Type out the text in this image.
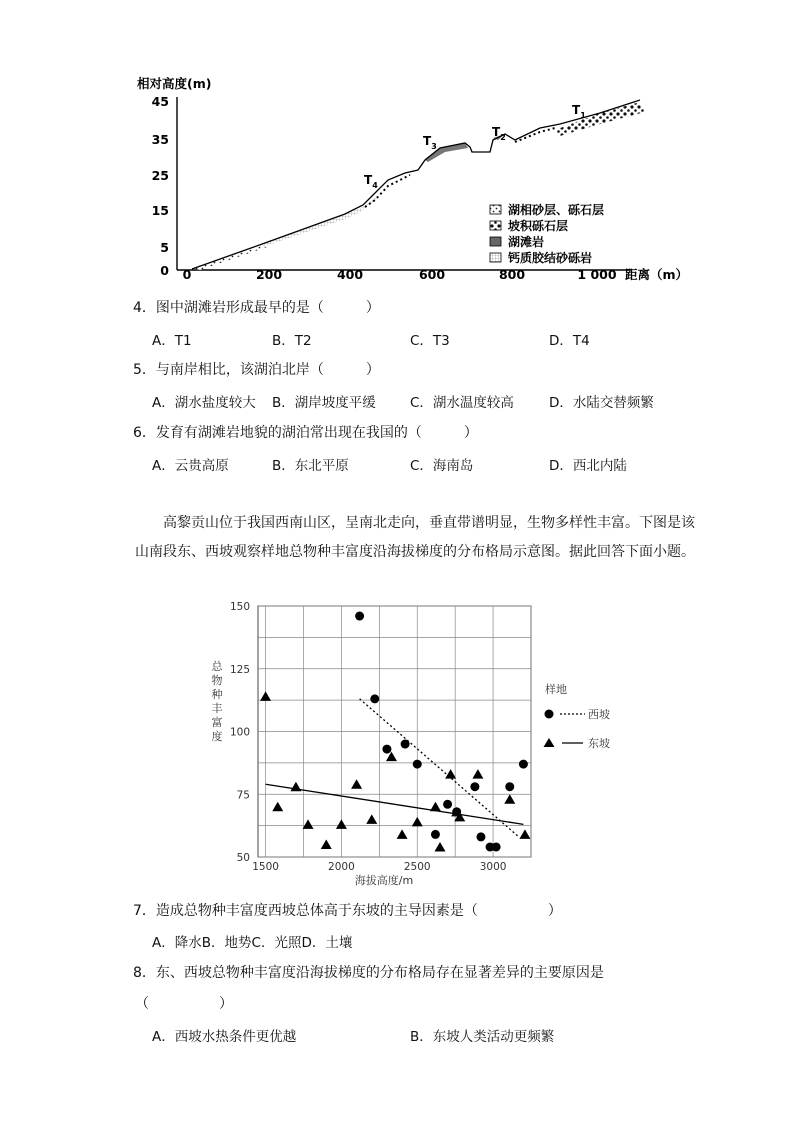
相对高度(m)
45
35
25
15
5
0 0	200	400	600	800	1 000 距离（m）
$T_1$
$T_2$
$T_3$
$T_4$
湖相砂层、砾石层
坡积砾石层
湖滩岩
钙质胶结砂砾岩
4．图中湖滩岩形成最早的是（　　　）
A．T1	B．T2	C．T3	D．T4
5．与南岸相比，该湖泊北岸（　　　）
A．湖水盐度较大 B．湖岸坡度平缓	C．湖水温度较高	D．水陆交替频繁
6．发育有湖滩岩地貌的湖泊常出现在我国的（　　　）
A．云贵高原	B．东北平原	C．海南岛	D．西北内陆
高黎贡山位于我国西南山区，呈南北走向，垂直带谱明显，生物多样性丰富。下图是该山南段东、西坡观察样地总物种丰富度沿海拔梯度的分布格局示意图。据此回答下面小题。
1500	2000	2500	3000
50
75
100
125
150
总
物
种
丰
富
度
海拔高度/m
样地
西坡
东坡
7．造成总物种丰富度西坡总体高于东坡的主导因素是（　　　　　）
A．降水B．地势C．光照D．土壤
8．东、西坡总物种丰富度沿海拔梯度的分布格局存在显著差异的主要原因是
（　　　　　）
A．西坡水热条件更优越	B．东坡人类活动更频繁
